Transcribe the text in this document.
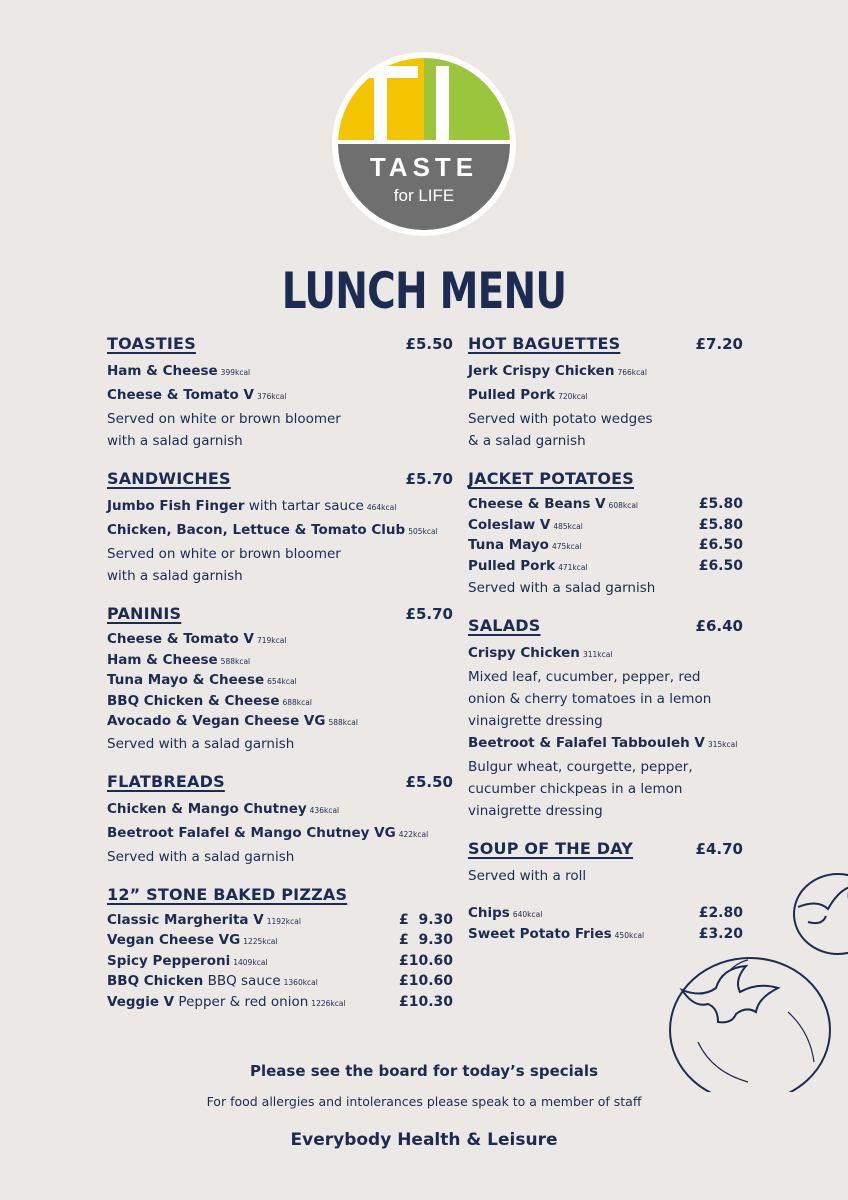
TASTE
for LIFE
LUNCH MENU
TOASTIES	£5.50
Ham & Cheese 399kcal
Cheese & Tomato V 376kcal
Served on white or brown bloomer
with a salad garnish
SANDWICHES	£5.70
Jumbo Fish Finger with tartar sauce 464kcal
Chicken, Bacon, Lettuce & Tomato Club 505kcal
Served on white or brown bloomer
with a salad garnish
PANINIS	£5.70
Cheese & Tomato V 719kcal
Ham & Cheese 588kcal
Tuna Mayo & Cheese 654kcal
BBQ Chicken & Cheese 688kcal
Avocado & Vegan Cheese VG 588kcal
Served with a salad garnish
FLATBREADS	£5.50
Chicken & Mango Chutney 436kcal
Beetroot Falafel & Mango Chutney VG 422kcal
Served with a salad garnish
12” STONE BAKED PIZZAS
Classic Margherita V 1192kcal	£  9.30
Vegan Cheese VG 1225kcal	£  9.30
Spicy Pepperoni 1409kcal	£10.60
BBQ Chicken BBQ sauce 1360kcal	£10.60
Veggie V Pepper & red onion 1226kcal	£10.30
HOT BAGUETTES	£7.20
Jerk Crispy Chicken 766kcal
Pulled Pork 720kcal
Served with potato wedges
& a salad garnish
JACKET POTATOES
Cheese & Beans V 608kcal	£5.80
Coleslaw V 485kcal	£5.80
Tuna Mayo 475kcal	£6.50
Pulled Pork 471kcal	£6.50
Served with a salad garnish
SALADS	£6.40
Crispy Chicken 311kcal
Mixed leaf, cucumber, pepper, red
onion & cherry tomatoes in a lemon
vinaigrette dressing
Beetroot & Falafel Tabbouleh V 315kcal
Bulgur wheat, courgette, pepper,
cucumber chickpeas in a lemon
vinaigrette dressing
SOUP OF THE DAY	£4.70
Served with a roll
Chips 640kcal	£2.80
Sweet Potato Fries 450kcal	£3.20
Please see the board for today’s specials
For food allergies and intolerances please speak to a member of staff
Everybody Health & Leisure
